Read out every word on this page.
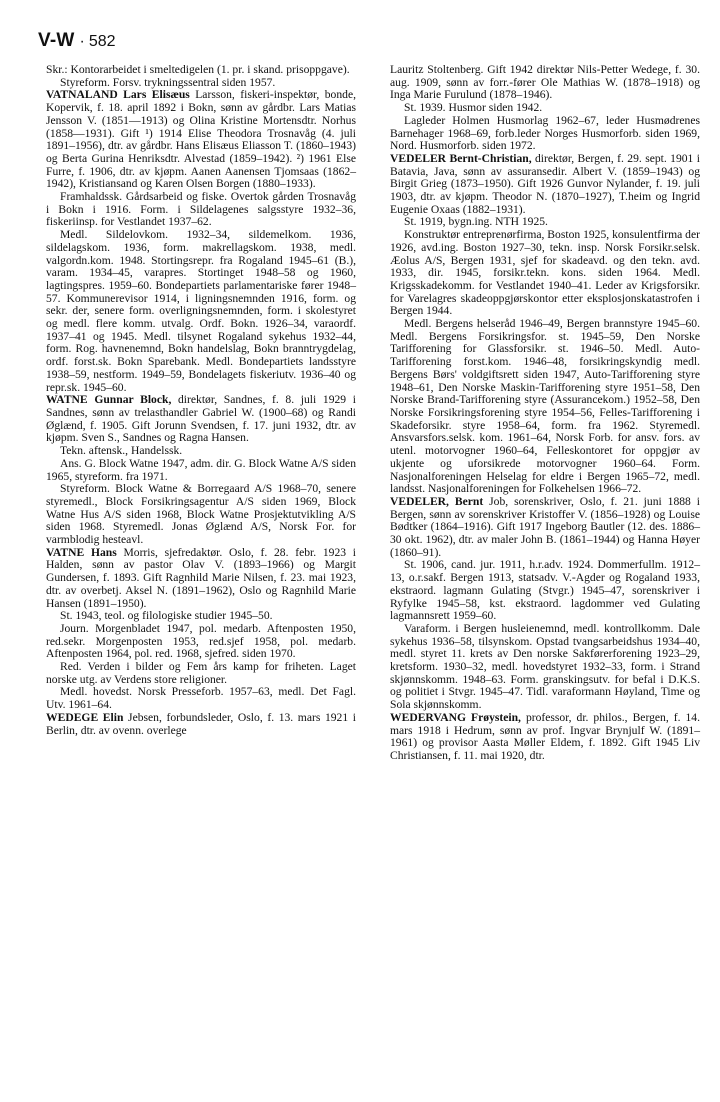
V-W · 582

Skr.: Kontorarbeidet i smeltedigelen (1. pr. i skand. prisoppgave).

Styreform. Forsv. trykningssentral siden 1957.

VATNALAND Lars Elisæus Larsson, fiskeri-inspektør, bonde, Kopervik, f. 18. april 1892 i Bokn, sønn av gårdbr. Lars Matias Jensson V. (1851—1913) og Olina Kristine Mortensdtr. Norhus (1858—1931). Gift ¹) 1914 Elise Theodora Trosnavåg (4. juli 1891–1956), dtr. av gårdbr. Hans Elisæus Eliasson T. (1860–1943) og Berta Gurina Henriksdtr. Alvestad (1859–1942). ²) 1961 Else Furre, f. 1906, dtr. av kjøpm. Aanen Aanensen Tjomsaas (1862–1942), Kristiansand og Karen Olsen Borgen (1880–1933).

Framhaldssk. Gårdsarbeid og fiske. Overtok gården Trosnavåg i Bokn i 1916. Form. i Sildelagenes salgsstyre 1932–36, fiskeriinsp. for Vestlandet 1937–62.

Medl. Sildelovkom. 1932–34, sildemelkom. 1936, sildelagskom. 1936, form. makrellagskom. 1938, medl. valgordn.kom. 1948. Stortingsrepr. fra Rogaland 1945–61 (B.), varam. 1934–45, varapres. Stortinget 1948–58 og 1960, lagtingspres. 1959–60. Bondepartiets parlamentariske fører 1948–57. Kommunerevisor 1914, i ligningsnemnden 1916, form. og sekr. der, senere form. overligningsnemnden, form. i skolestyret og medl. flere komm. utvalg. Ordf. Bokn. 1926–34, varaordf. 1937–41 og 1945. Medl. tilsynet Rogaland sykehus 1932–44, form. Rog. havnenemnd, Bokn handelslag, Bokn branntrygdelag, ordf. forst.sk. Bokn Sparebank. Medl. Bondepartiets landsstyre 1938–59, nestform. 1949–59, Bondelagets fiskeriutv. 1936–40 og repr.sk. 1945–60.

WATNE Gunnar Block, direktør, Sandnes, f. 8. juli 1929 i Sandnes, sønn av trelasthandler Gabriel W. (1900–68) og Randi Øglænd, f. 1905. Gift Jorunn Svendsen, f. 17. juni 1932, dtr. av kjøpm. Sven S., Sandnes og Ragna Hansen.

Tekn. aftensk., Handelssk.

Ans. G. Block Watne 1947, adm. dir. G. Block Watne A/S siden 1965, styreform. fra 1971.

Styreform. Block Watne & Borregaard A/S 1968–70, senere styremedl., Block Forsikringsagentur A/S siden 1969, Block Watne Hus A/S siden 1968, Block Watne Prosjektutvikling A/S siden 1968. Styremedl. Jonas Øglænd A/S, Norsk For. for varmblodig hesteavl.

VATNE Hans Morris, sjefredaktør. Oslo, f. 28. febr. 1923 i Halden, sønn av pastor Olav V. (1893–1966) og Margit Gundersen, f. 1893. Gift Ragnhild Marie Nilsen, f. 23. mai 1923, dtr. av overbetj. Aksel N. (1891–1962), Oslo og Ragnhild Marie Hansen (1891–1950).

St. 1943, teol. og filologiske studier 1945–50.

Journ. Morgenbladet 1947, pol. medarb. Aftenposten 1950, red.sekr. Morgenposten 1953, red.sjef 1958, pol. medarb. Aftenposten 1964, pol. red. 1968, sjefred. siden 1970.

Red. Verden i bilder og Fem års kamp for friheten. Laget norske utg. av Verdens store religioner.

Medl. hovedst. Norsk Presseforb. 1957–63, medl. Det Fagl. Utv. 1961–64.

WEDEGE Elin Jebsen, forbundsleder, Oslo, f. 13. mars 1921 i Berlin, dtr. av ovenn. overlege

Lauritz Stoltenberg. Gift 1942 direktør Nils-Petter Wedege, f. 30. aug. 1909, sønn av forr.-fører Ole Mathias W. (1878–1918) og Inga Marie Furulund (1878–1946).

St. 1939. Husmor siden 1942.

Lagleder Holmen Husmorlag 1962–67, leder Husmødrenes Barnehager 1968–69, forb.leder Norges Husmorforb. siden 1969, Nord. Husmorforb. siden 1972.

VEDELER Bernt-Christian, direktør, Bergen, f. 29. sept. 1901 i Batavia, Java, sønn av assuransedir. Albert V. (1859–1943) og Birgit Grieg (1873–1950). Gift 1926 Gunvor Nylander, f. 19. juli 1903, dtr. av kjøpm. Theodor N. (1870–1927), T.heim og Ingrid Eugenie Oxaas (1882–1931).

St. 1919, bygn.ing. NTH 1925.

Konstruktør entreprenørfirma, Boston 1925, konsulentfirma der 1926, avd.ing. Boston 1927–30, tekn. insp. Norsk Forsikr.selsk. Æolus A/S, Bergen 1931, sjef for skadeavd. og den tekn. avd. 1933, dir. 1945, forsikr.tekn. kons. siden 1964. Medl. Krigsskadekomm. for Vestlandet 1940–41. Leder av Krigsforsikr. for Varelagres skadeoppgjørskontor etter eksplosjonskatastrofen i Bergen 1944.

Medl. Bergens helseråd 1946–49, Bergen brannstyre 1945–60. Medl. Bergens Forsikringsfor. st. 1945–59, Den Norske Tarifforening for Glassforsikr. st. 1946–50. Medl. Auto-Tarifforening forst.kom. 1946–48, forsikringskyndig medl. Bergens Børs' voldgiftsrett siden 1947, Auto-Tarifforening styre 1948–61, Den Norske Maskin-Tarifforening styre 1951–58, Den Norske Brand-Tarifforening styre (Assurancekom.) 1952–58, Den Norske Forsikringsforening styre 1954–56, Felles-Tarifforening i Skadeforsikr. styre 1958–64, form. fra 1962. Styremedl. Ansvarsfors.selsk. kom. 1961–64, Norsk Forb. for ansv. fors. av utenl. motorvogner 1960–64, Felleskontoret for oppgjør av ukjente og uforsikrede motorvogner 1960–64. Form. Nasjonalforeningen Helselag for eldre i Bergen 1965–72, medl. landsst. Nasjonalforeningen for Folkehelsen 1966–72.

VEDELER, Bernt Job, sorenskriver, Oslo, f. 21. juni 1888 i Bergen, sønn av sorenskriver Kristoffer V. (1856–1928) og Louise Bødtker (1864–1916). Gift 1917 Ingeborg Bautler (12. des. 1886–30 okt. 1962), dtr. av maler John B. (1861–1944) og Hanna Høyer (1860–91).

St. 1906, cand. jur. 1911, h.r.adv. 1924. Dommerfullm. 1912–13, o.r.sakf. Bergen 1913, statsadv. V.-Agder og Rogaland 1933, ekstraord. lagmann Gulating (Stvgr.) 1945–47, sorenskriver i Ryfylke 1945–58, kst. ekstraord. lagdommer ved Gulating lagmannsrett 1959–60.

Varaform. i Bergen husleienemnd, medl. kontrollkomm. Dale sykehus 1936–58, tilsynskom. Opstad tvangsarbeidshus 1934–40, medl. styret 11. krets av Den norske Sakførerforening 1923–29, kretsform. 1930–32, medl. hovedstyret 1932–33, form. i Strand skjønnskomm. 1948–63. Form. granskingsutv. for befal i D.K.S. og politiet i Stvgr. 1945–47. Tidl. varaformann Høyland, Time og Sola skjønnskomm.

WEDERVANG Frøystein, professor, dr. philos., Bergen, f. 14. mars 1918 i Hedrum, sønn av prof. Ingvar Brynjulf W. (1891–1961) og provisor Aasta Møller Eldem, f. 1892. Gift 1945 Liv Christiansen, f. 11. mai 1920, dtr.
